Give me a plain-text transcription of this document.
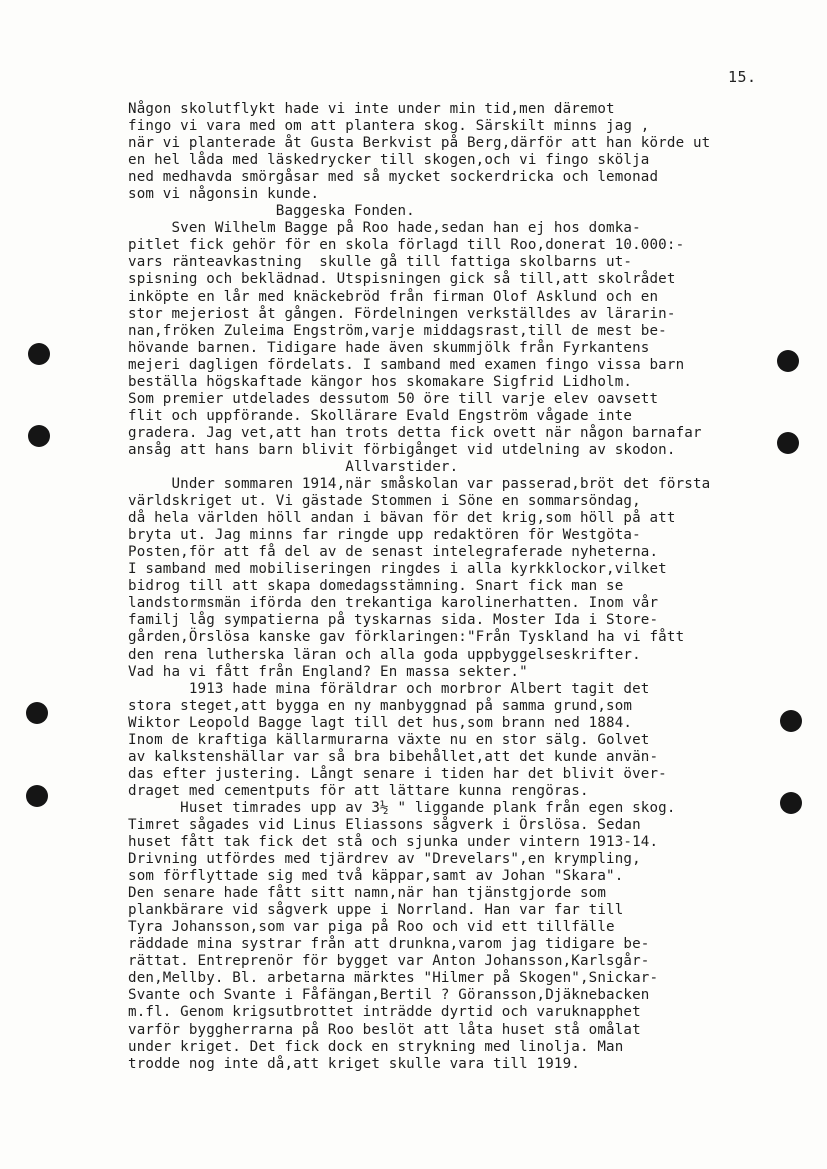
15.
Någon skolutflykt hade vi inte under min tid,men däremot
fingo vi vara med om att plantera skog. Särskilt minns jag ,
när vi planterade åt Gusta Berkvist på Berg,därför att han körde ut
en hel låda med läskedrycker till skogen,och vi fingo skölja
ned medhavda smörgåsar med så mycket sockerdricka och lemonad
som vi någonsin kunde.
Baggeska Fonden.
Sven Wilhelm Bagge på Roo hade,sedan han ej hos domka-
pitlet fick gehör för en skola förlagd till Roo,donerat 10.000:-
vars ränteavkastning  skulle gå till fattiga skolbarns ut-
spisning och beklädnad. Utspisningen gick så till,att skolrådet
inköpte en lår med knäckebröd från firman Olof Asklund och en
stor mejeriost åt gången. Fördelningen verkställdes av lärarin-
nan,fröken Zuleima Engström,varje middagsrast,till de mest be-
hövande barnen. Tidigare hade även skummjölk från Fyrkantens
mejeri dagligen fördelats. I samband med examen fingo vissa barn
beställa högskaftade kängor hos skomakare Sigfrid Lidholm.
Som premier utdelades dessutom 50 öre till varje elev oavsett
flit och uppförande. Skollärare Evald Engström vågade inte
gradera. Jag vet,att han trots detta fick ovett när någon barnafar
ansåg att hans barn blivit förbigånget vid utdelning av skodon.
Allvarstider.
Under sommaren 1914,när småskolan var passerad,bröt det första
världskriget ut. Vi gästade Stommen i Söne en sommarsöndag,
då hela världen höll andan i bävan för det krig,som höll på att
bryta ut. Jag minns far ringde upp redaktören för Westgöta-
Posten,för att få del av de senast intelegraferade nyheterna.
I samband med mobiliseringen ringdes i alla kyrkklockor,vilket
bidrog till att skapa domedagsstämning. Snart fick man se
landstormsmän iförda den trekantiga karolinerhatten. Inom vår
familj låg sympatierna på tyskarnas sida. Moster Ida i Store-
gården,Örslösa kanske gav förklaringen:"Från Tyskland ha vi fått
den rena lutherska läran och alla goda uppbyggelseskrifter.
Vad ha vi fått från England? En massa sekter."
1913 hade mina föräldrar och morbror Albert tagit det
stora steget,att bygga en ny manbyggnad på samma grund,som
Wiktor Leopold Bagge lagt till det hus,som brann ned 1884.
Inom de kraftiga källarmurarna växte nu en stor sälg. Golvet
av kalkstenshällar var så bra bibehållet,att det kunde använ-
das efter justering. Långt senare i tiden har det blivit över-
draget med cementputs för att lättare kunna rengöras.
Huset timrades upp av 3½ " liggande plank från egen skog.
Timret sågades vid Linus Eliassons sågverk i Örslösa. Sedan
huset fått tak fick det stå och sjunka under vintern 1913-14.
Drivning utfördes med tjärdrev av "Drevelars",en krympling,
som förflyttade sig med två käppar,samt av Johan "Skara".
Den senare hade fått sitt namn,när han tjänstgjorde som
plankbärare vid sågverk uppe i Norrland. Han var far till
Tyra Johansson,som var piga på Roo och vid ett tillfälle
räddade mina systrar från att drunkna,varom jag tidigare be-
rättat. Entreprenör för bygget var Anton Johansson,Karlsgår-
den,Mellby. Bl. arbetarna märktes "Hilmer på Skogen",Snickar-
Svante och Svante i Fåfängan,Bertil ? Göransson,Djäknebacken
m.fl. Genom krigsutbrottet inträdde dyrtid och varuknapphet
varför byggherrarna på Roo beslöt att låta huset stå omålat
under kriget. Det fick dock en strykning med linolja. Man
trodde nog inte då,att kriget skulle vara till 1919.
